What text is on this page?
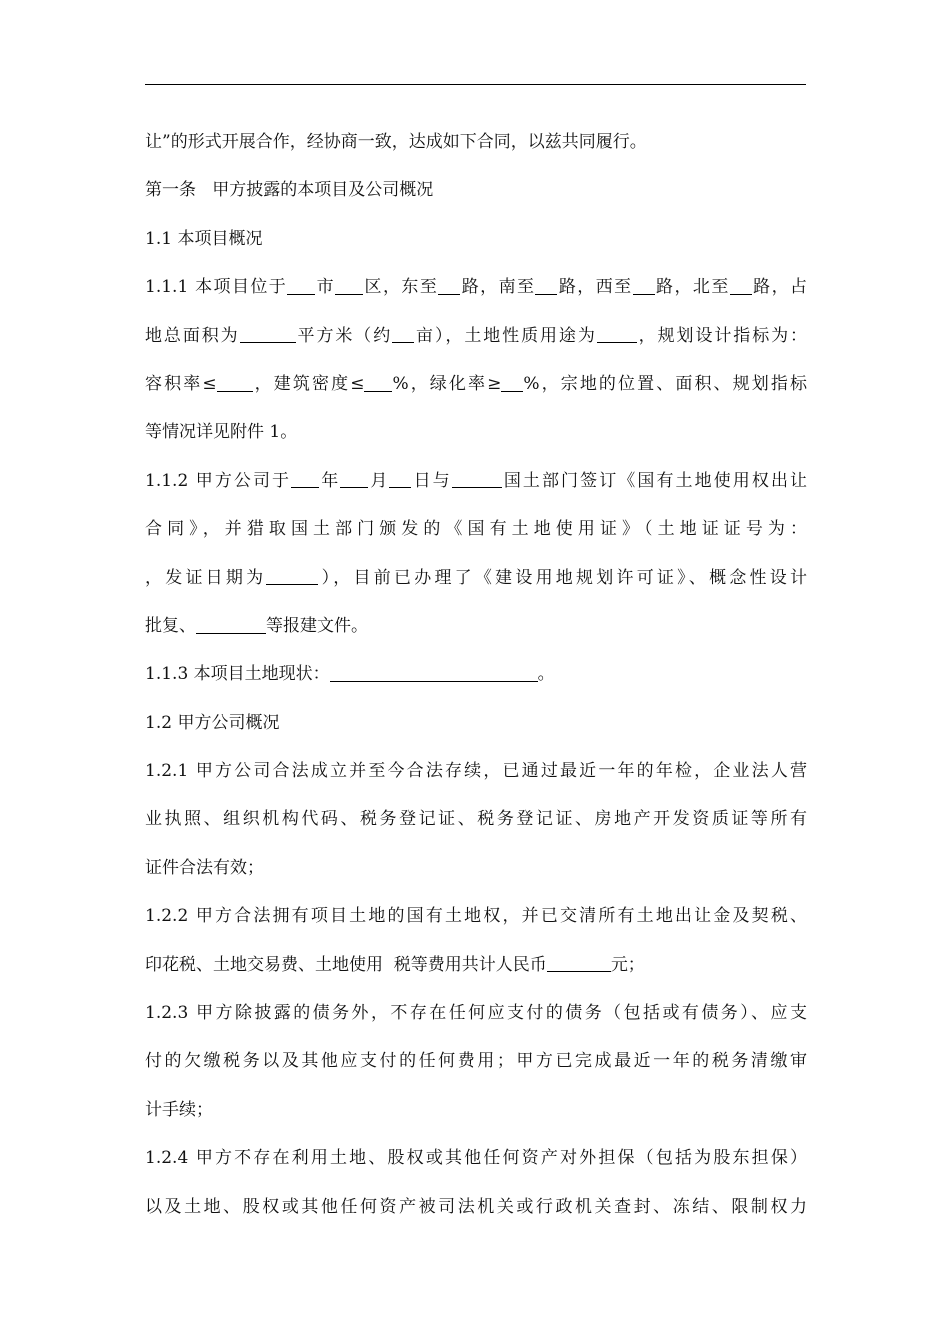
让”的形式开展合作，经协商一致，达成如下合同，以兹共同履行。
第一条   甲方披露的本项目及公司概况
1.1 本项目概况
1.1.1 本项目位于 市 区，东至 路，南至 路，西至 路，北至 路，占
地总面积为	平方米（约 亩），土地性质用途为 ，规划设计指标为：
容积率≤ ，建筑密度≤ %，绿化率≥ %，宗地的位置、面积、规划指标
等情况详见附件 1。
1.1.2 甲方公司于 年 月 日与	国土部门签订《国有土地使用权出让
合同》，并猎取国土部门颁发的《国有土地使用证》（土地证证号为：
，发证日期为	），目前已办理了《建设用地规划许可证》、概念性设计
批复、	等报建文件。
1.1.3 本项目土地现状：	。
1.2 甲方公司概况
1.2.1 甲方公司合法成立并至今合法存续，已通过最近一年的年检，企业法人营
业执照、组织机构代码、税务登记证、税务登记证、房地产开发资质证等所有
证件合法有效；
1.2.2 甲方合法拥有项目土地的国有土地权，并已交清所有土地出让金及契税、
印花税、土地交易费、土地使用  税等费用共计人民币	元；
1.2.3 甲方除披露的债务外，不存在任何应支付的债务（包括或有债务）、应支
付的欠缴税务以及其他应支付的任何费用；甲方已完成最近一年的税务清缴审
计手续；
1.2.4 甲方不存在利用土地、股权或其他任何资产对外担保（包括为股东担保）
以及土地、股权或其他任何资产被司法机关或行政机关查封、冻结、限制权力
